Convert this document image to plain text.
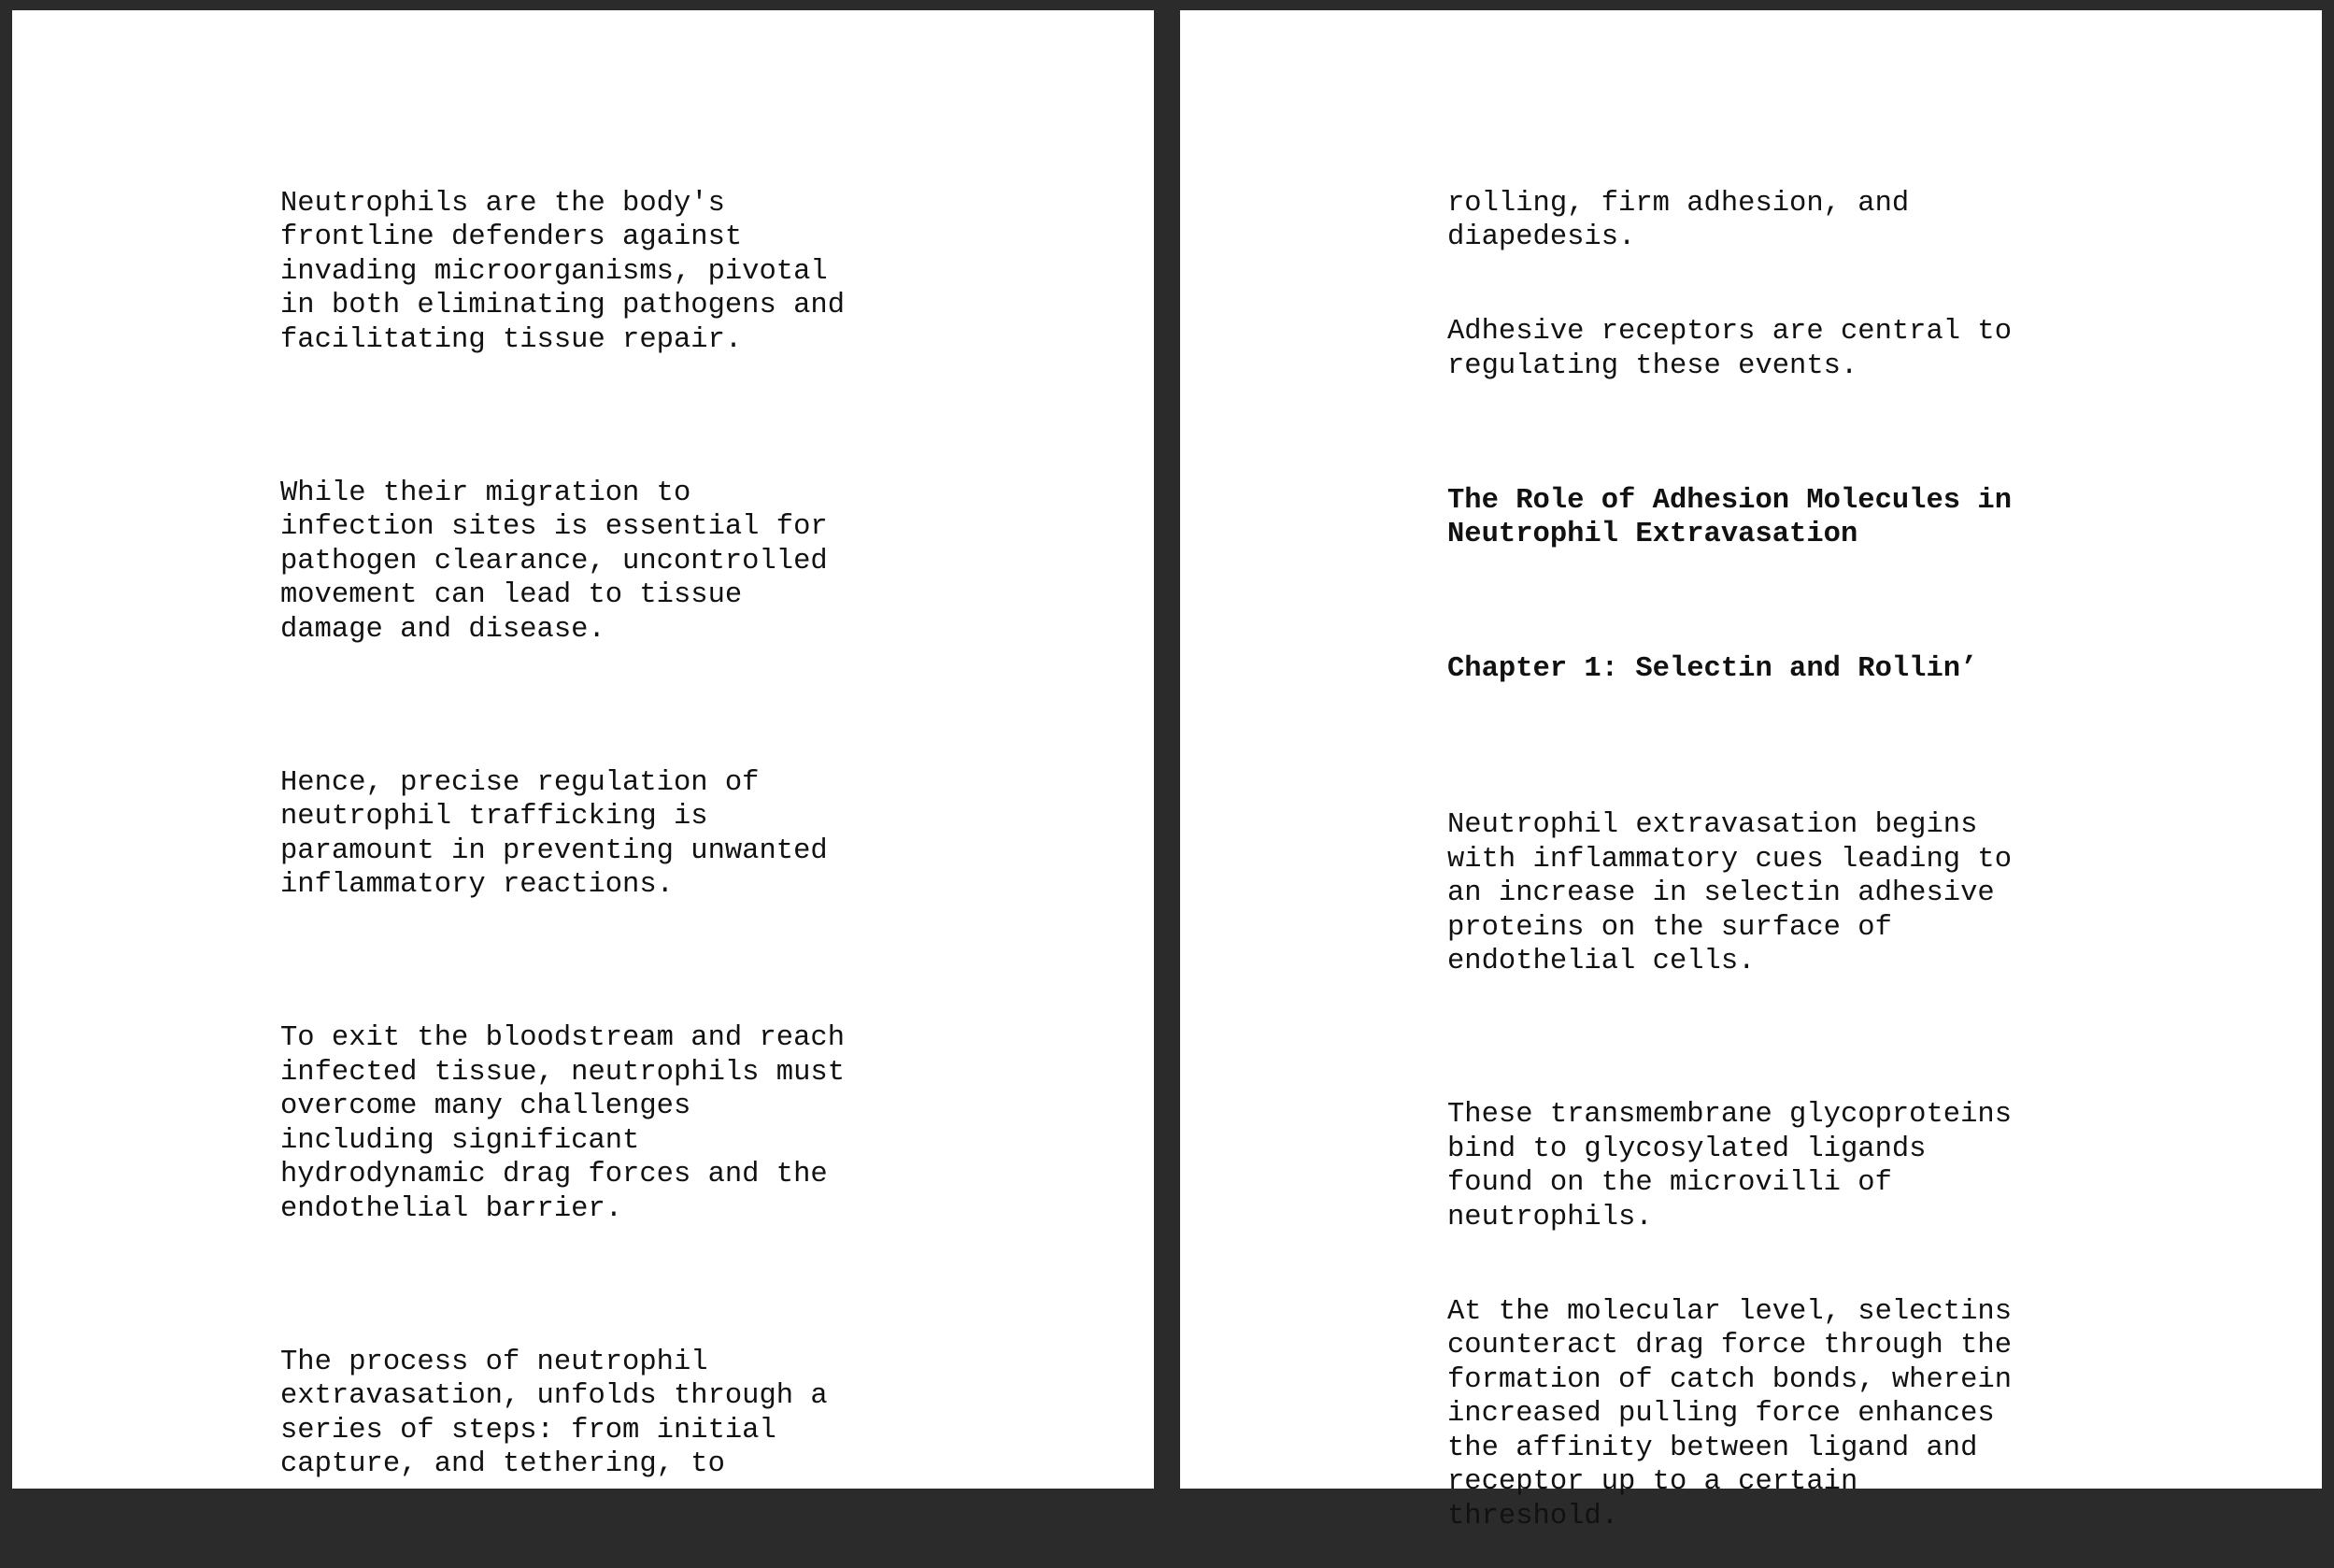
Neutrophils are the body's
frontline defenders against
invading microorganisms, pivotal
in both eliminating pathogens and
facilitating tissue repair.

While their migration to
infection sites is essential for
pathogen clearance, uncontrolled
movement can lead to tissue
damage and disease.

Hence, precise regulation of
neutrophil trafficking is
paramount in preventing unwanted
inflammatory reactions.

To exit the bloodstream and reach
infected tissue, neutrophils must
overcome many challenges
including significant
hydrodynamic drag forces and the
endothelial barrier.

The process of neutrophil
extravasation, unfolds through a
series of steps: from initial
capture, and tethering, to

rolling, firm adhesion, and
diapedesis.

Adhesive receptors are central to
regulating these events.

The Role of Adhesion Molecules in
Neutrophil Extravasation

Chapter 1: Selectin and Rollin’

Neutrophil extravasation begins
with inflammatory cues leading to
an increase in selectin adhesive
proteins on the surface of
endothelial cells.

These transmembrane glycoproteins
bind to glycosylated ligands
found on the microvilli of
neutrophils.

At the molecular level, selectins
counteract drag force through the
formation of catch bonds, wherein
increased pulling force enhances
the affinity between ligand and
receptor up to a certain
threshold.
